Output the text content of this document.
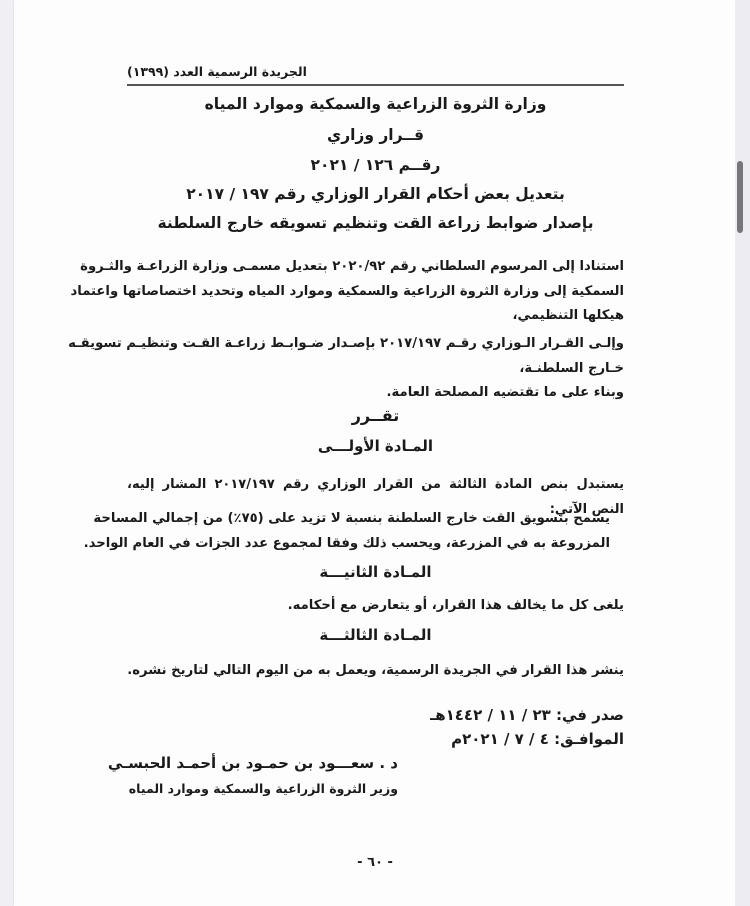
الجريدة الرسمية العدد (١٣٩٩)
وزارة الثروة الزراعية والسمكية وموارد المياه
قــرار وزاري
رقــم ١٢٦ / ٢٠٢١
بتعديل بعض أحكام القرار الوزاري رقم ١٩٧ / ٢٠١٧
بإصدار ضوابط زراعة القت وتنظيم تسويقه خارج السلطنة
استنادا إلى المرسوم السلطاني رقم ٢٠٢٠/٩٢ بتعديل مسمـى وزارة الزراعـة والثـروة
السمكية إلى وزارة الثروة الزراعية والسمكية وموارد المياه وتحديد اختصاصاتها واعتماد
هيكلها التنظيمي،
وإلـى القـرار الـوزاري رقـم ٢٠١٧/١٩٧ بإصـدار ضـوابـط زراعـة القـت وتنظيـم تسويقـه
خـارج السلطنـة،
وبناء على ما تقتضيه المصلحة العامة.
تقــرر
المـادة الأولـــى
يستبدل بنص المادة الثالثة من القرار الوزاري رقم ٢٠١٧/١٩٧ المشار إليه، النص الآتي:
يسمح بتسويق القت خارج السلطنة بنسبة لا تزيد على (٧٥٪) من إجمالي المساحة
المزروعة به في المزرعة، ويحسب ذلك وفقا لمجموع عدد الجزات في العام الواحد.
المـادة الثانيـــة
يلغى كل ما يخالف هذا القرار، أو يتعارض مع أحكامه.
المـادة الثالثـــة
ينشر هذا القرار في الجريدة الرسمية، ويعمل به من اليوم التالي لتاريخ نشره.
صدر في: ٢٣ / ١١ / ١٤٤٢هـ
الموافـق: ٤ / ٧ / ٢٠٢١م
د . سعـــود بن حمـود بن أحمـد الحبسـي
وزير الثروة الزراعية والسمكية وموارد المياه
- ٦٠ -
